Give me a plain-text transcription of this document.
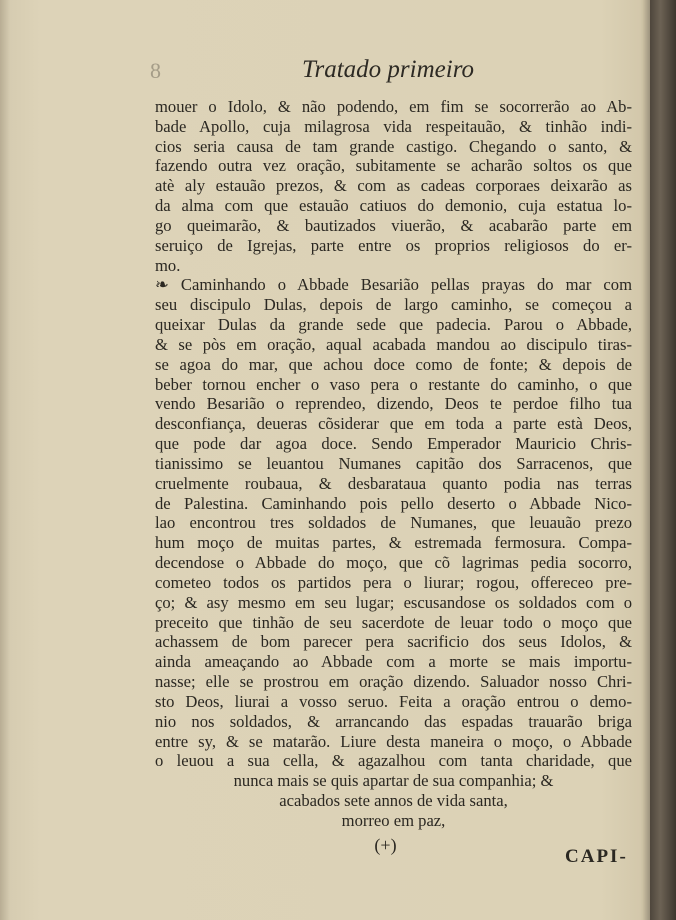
8	Tratado primeiro
mouer o Idolo, & não podendo, em fim se socorrerão ao Ab-
bade Apollo, cuja milagrosa vida respeitauão, & tinhão indi-
cios seria causa de tam grande castigo. Chegando o santo, &
fazendo outra vez oração, subitamente se acharão soltos os que
atè aly estauão prezos, & com as cadeas corporaes deixarão as
da alma com que estauão catiuos do demonio, cuja estatua lo-
go queimarão, & bautizados viuerão, & acabarão parte em
seruiço de Igrejas, parte entre os proprios religiosos do er-
mo.
❧ Caminhando o Abbade Besarião pellas prayas do mar com
seu discipulo Dulas, depois de largo caminho, se começou a
queixar Dulas da grande sede que padecia. Parou o Abbade,
& se pòs em oração, aqual acabada mandou ao discipulo tiras-
se agoa do mar, que achou doce como de fonte; & depois de
beber tornou encher o vaso pera o restante do caminho, o que
vendo Besarião o reprendeo, dizendo, Deos te perdoe filho tua
desconfiança, deueras cõsiderar que em toda a parte està Deos,
que pode dar agoa doce. Sendo Emperador Mauricio Chris-
tianissimo se leuantou Numanes capitão dos Sarracenos, que
cruelmente roubaua, & desbarataua quanto podia nas terras
de Palestina. Caminhando pois pello deserto o Abbade Nico-
lao encontrou tres soldados de Numanes, que leuauão prezo
hum moço de muitas partes, & estremada fermosura. Compa-
decendose o Abbade do moço, que cõ lagrimas pedia socorro,
cometeo todos os partidos pera o liurar; rogou, offereceo pre-
ço; & asy mesmo em seu lugar; escusandose os soldados com o
preceito que tinhão de seu sacerdote de leuar todo o moço que
achassem de bom parecer pera sacrificio dos seus Idolos, &
ainda ameaçando ao Abbade com a morte se mais importu-
nasse; elle se prostrou em oração dizendo. Saluador nosso Chri-
sto Deos, liurai a vosso seruo. Feita a oração entrou o demo-
nio nos soldados, & arrancando das espadas trauarão briga
entre sy, & se matarão. Liure desta maneira o moço, o Abbade
o leuou a sua cella, & agazalhou com tanta charidade, que
nunca mais se quis apartar de sua companhia; &
acabados sete annos de vida santa,
morreo em paz,
(+)
CAPI-
